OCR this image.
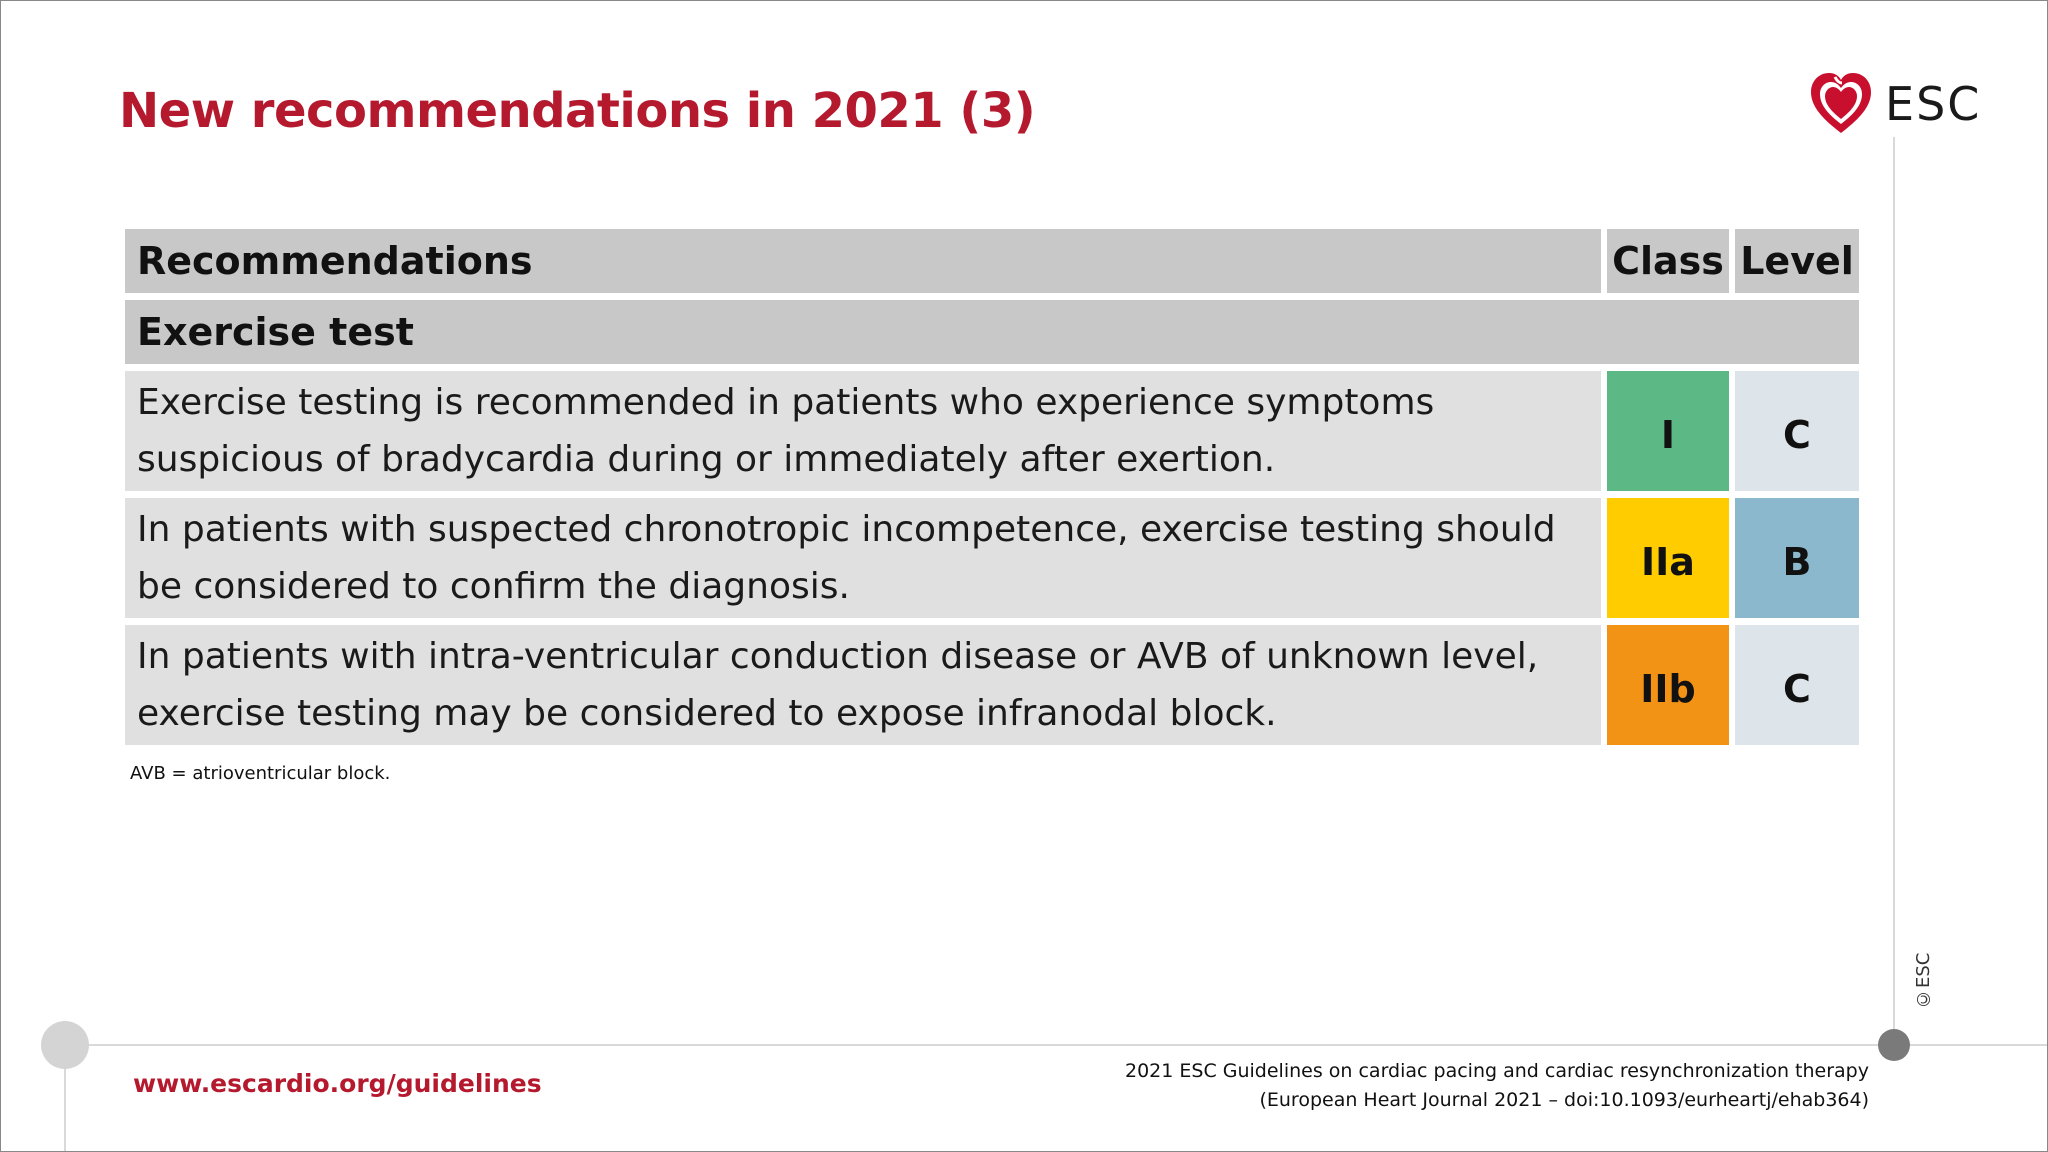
New recommendations in 2021 (3)	ESC
©ESC
Recommendations	Class Level
Exercise test
Exercise testing is recommended in patients who experience symptoms
suspicious of bradycardia during or immediately after exertion.
I	C
In patients with suspected chronotropic incompetence, exercise testing should
be considered to confirm the diagnosis.
IIa	B
In patients with intra-ventricular conduction disease or AVB of unknown level,
exercise testing may be considered to expose infranodal block.
IIb	C
AVB = atrioventricular block.
www.escardio.org/guidelines	2021 ESC Guidelines on cardiac pacing and cardiac resynchronization therapy
(European Heart Journal 2021 – doi:10.1093/eurheartj/ehab364)
